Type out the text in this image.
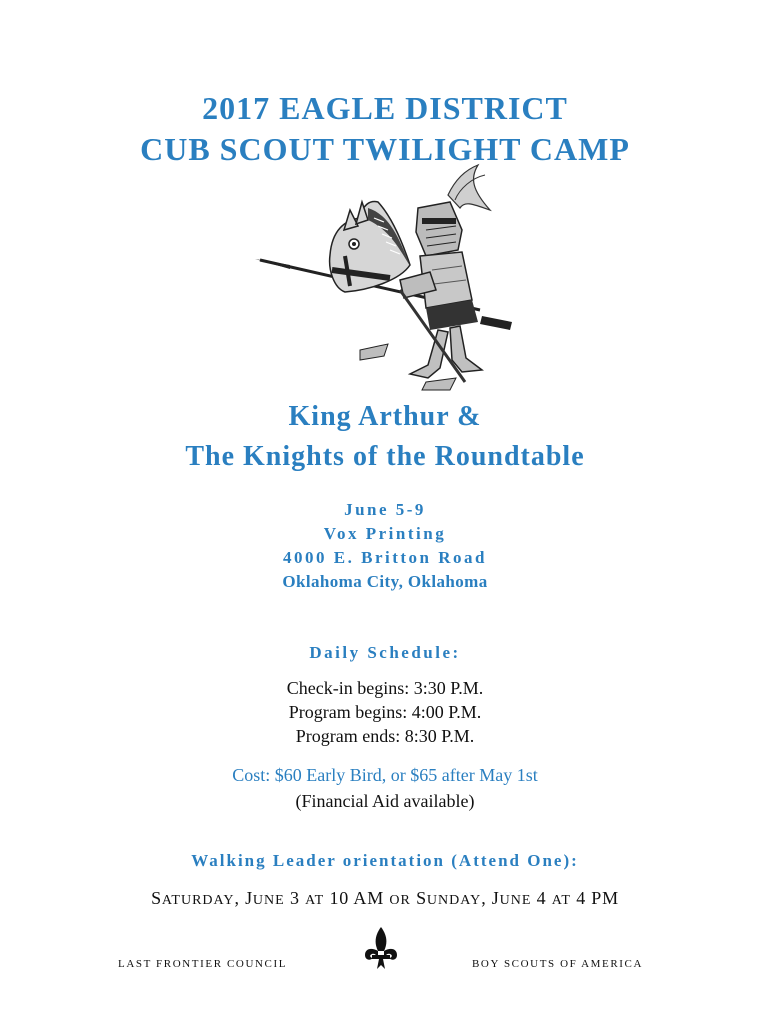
2017 EAGLE DISTRICT
CUB SCOUT TWILIGHT CAMP
King Arthur &
The Knights of the Roundtable
June 5-9
Vox Printing
4000 E. Britton Road
Oklahoma City, Oklahoma
Daily Schedule:
Check-in begins: 3:30 P.M.
Program begins: 4:00 P.M.
Program ends: 8:30 P.M.
Cost: $60 Early Bird, or $65 after May 1st
(Financial Aid available)
Walking Leader orientation (Attend One):
SATURDAY, JUNE 3 AT 10 AM OR SUNDAY, JUNE 4 AT 4 PM
LAST FRONTIER COUNCIL	BOY SCOUTS OF AMERICA
